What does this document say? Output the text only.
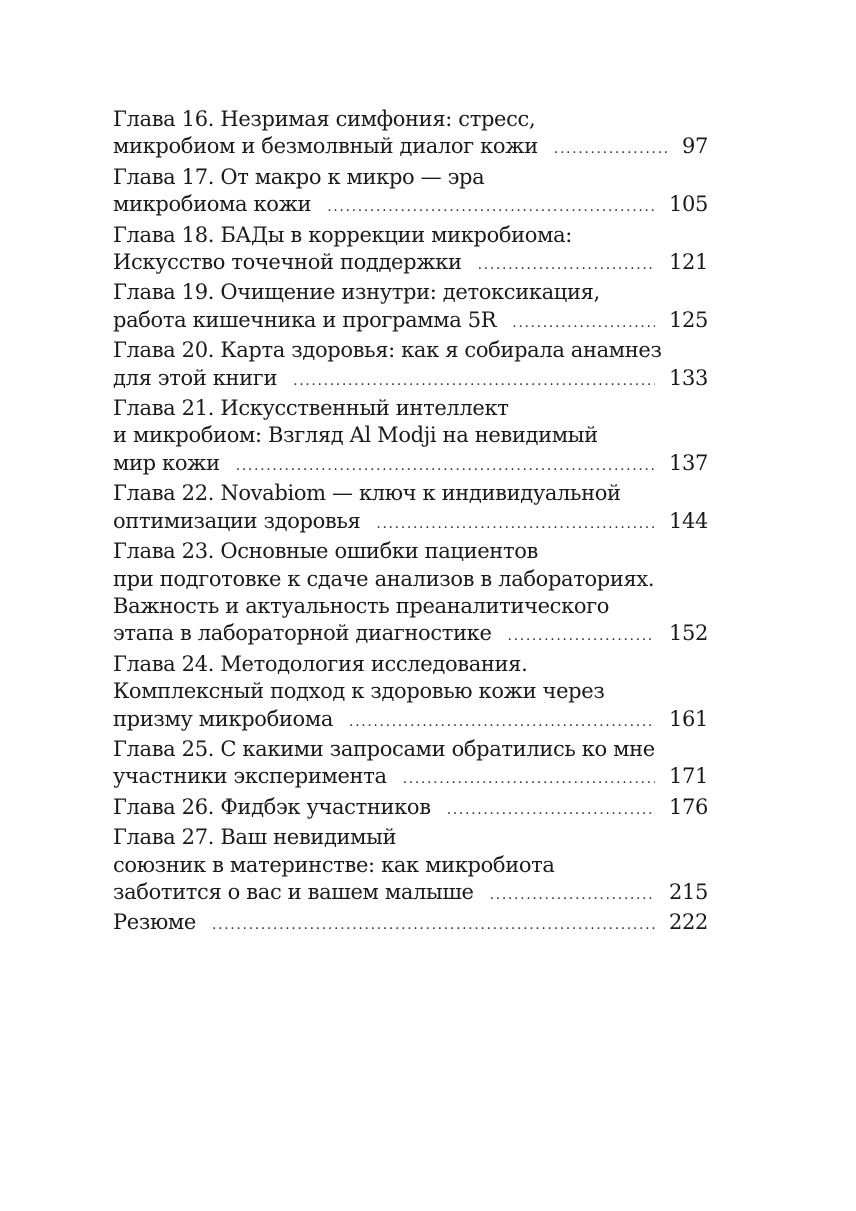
Глава 16. Незримая симфония: стресс,
микробиом и безмолвный диалог кожи . . .	97
Глава 17. От макро к микро — эра
микробиома кожи . . .	105
Глава 18. БАДы в коррекции микробиома:
Искусство точечной поддержки . . .	121
Глава 19. Очищение изнутри: детоксикация,
работа кишечника и программа 5R . . .	125
Глава 20. Карта здоровья: как я собирала анамнез
для этой книги . . .	133
Глава 21. Искусственный интеллект
и микробиом: Взгляд Al Modji на невидимый
мир кожи . . .	137
Глава 22. Novabiom — ключ к индивидуальной
оптимизации здоровья . . .	144
Глава 23. Основные ошибки пациентов
при подготовке к сдаче анализов в лабораториях.
Важность и актуальность преаналитического
этапа в лабораторной диагностике . . .	152
Глава 24. Методология исследования.
Комплексный подход к здоровью кожи через
призму микробиома . . .	161
Глава 25. С какими запросами обратились ко мне
участники эксперимента . . .	171
Глава 26. Фидбэк участников . . .	176
Глава 27. Ваш невидимый
союзник в материнстве: как микробиота
заботится о вас и вашем малыше . . .	215
Резюме . . .	222
